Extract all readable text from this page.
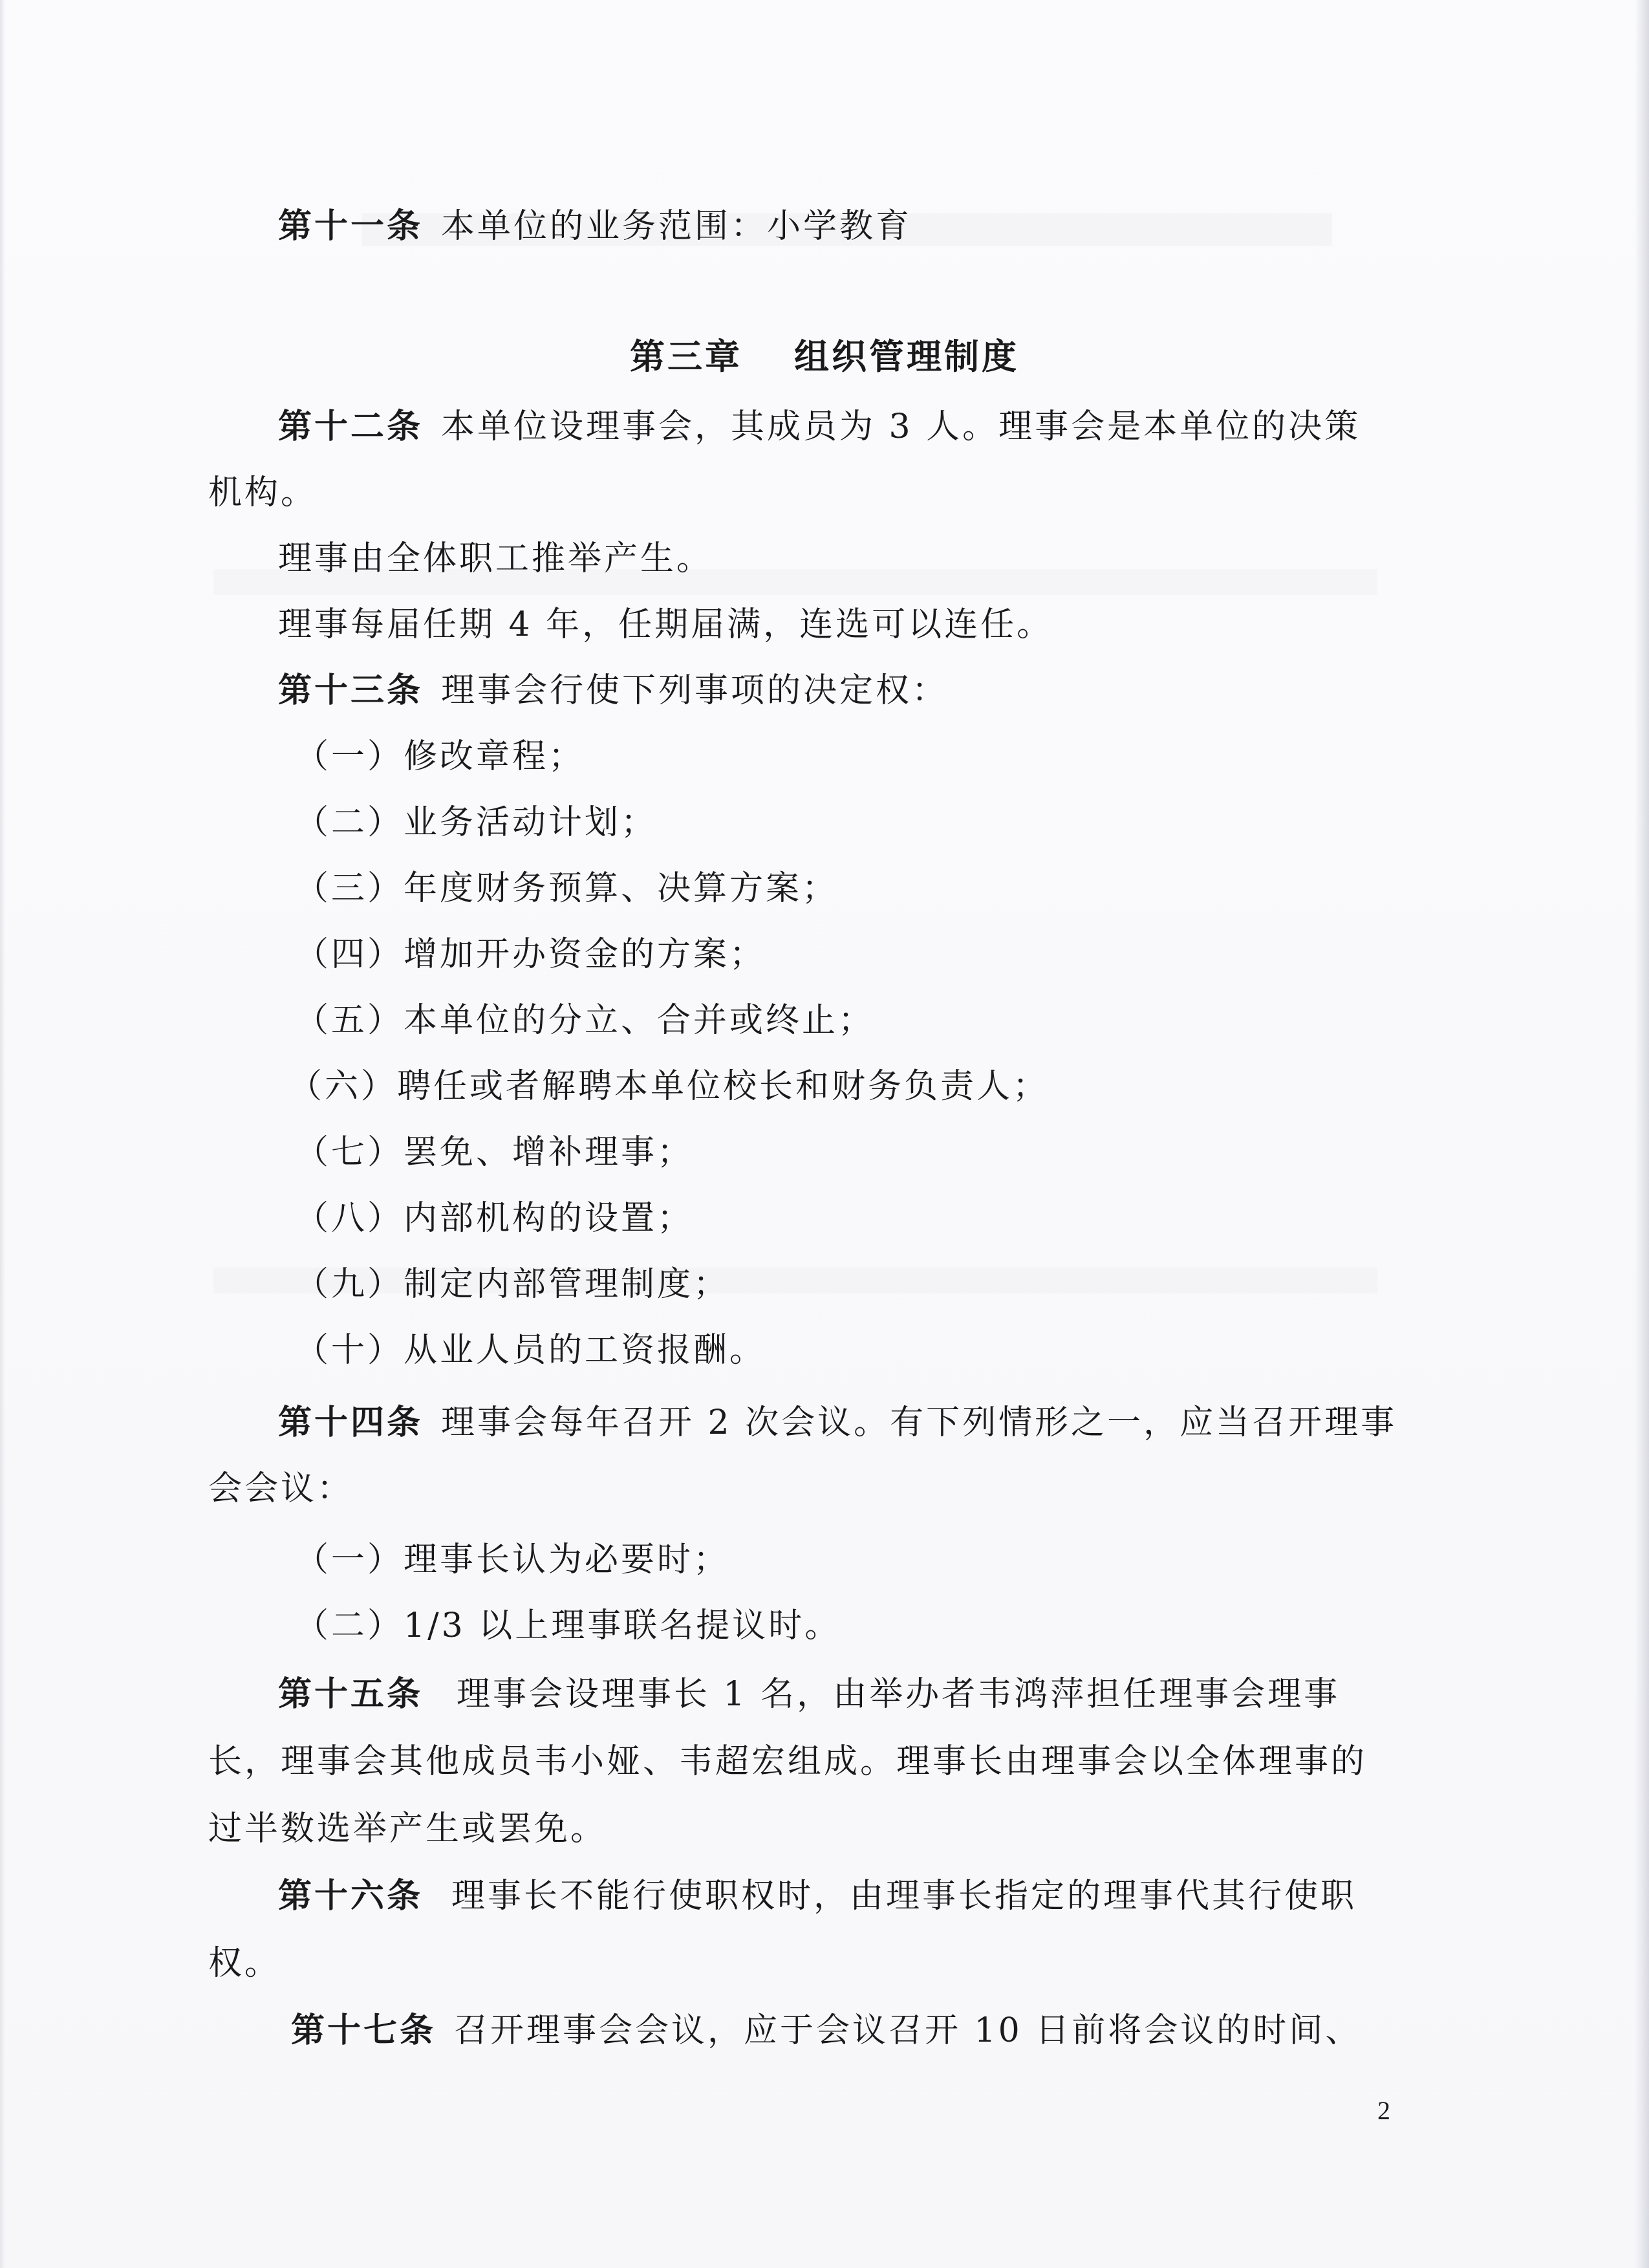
第十一条 本单位的业务范围：小学教育
第三章 组织管理制度
第十二条 本单位设理事会，其成员为 3 人。理事会是本单位的决策
机构。
理事由全体职工推举产生。
理事每届任期 4 年，任期届满，连选可以连任。
第十三条 理事会行使下列事项的决定权：
（一）修改章程；
（二）业务活动计划；
（三）年度财务预算、决算方案；
（四）增加开办资金的方案；
（五）本单位的分立、合并或终止；
（六）聘任或者解聘本单位校长和财务负责人；
（七）罢免、增补理事；
（八）内部机构的设置；
（九）制定内部管理制度；
（十）从业人员的工资报酬。
第十四条 理事会每年召开 2 次会议。有下列情形之一，应当召开理事
会会议：
（一）理事长认为必要时；
（二）1/3 以上理事联名提议时。
第十五条 理事会设理事长 1 名，由举办者韦鸿萍担任理事会理事
长，理事会其他成员韦小娅、韦超宏组成。理事长由理事会以全体理事的
过半数选举产生或罢免。
第十六条 理事长不能行使职权时，由理事长指定的理事代其行使职
权。
第十七条 召开理事会会议，应于会议召开 10 日前将会议的时间、
2
